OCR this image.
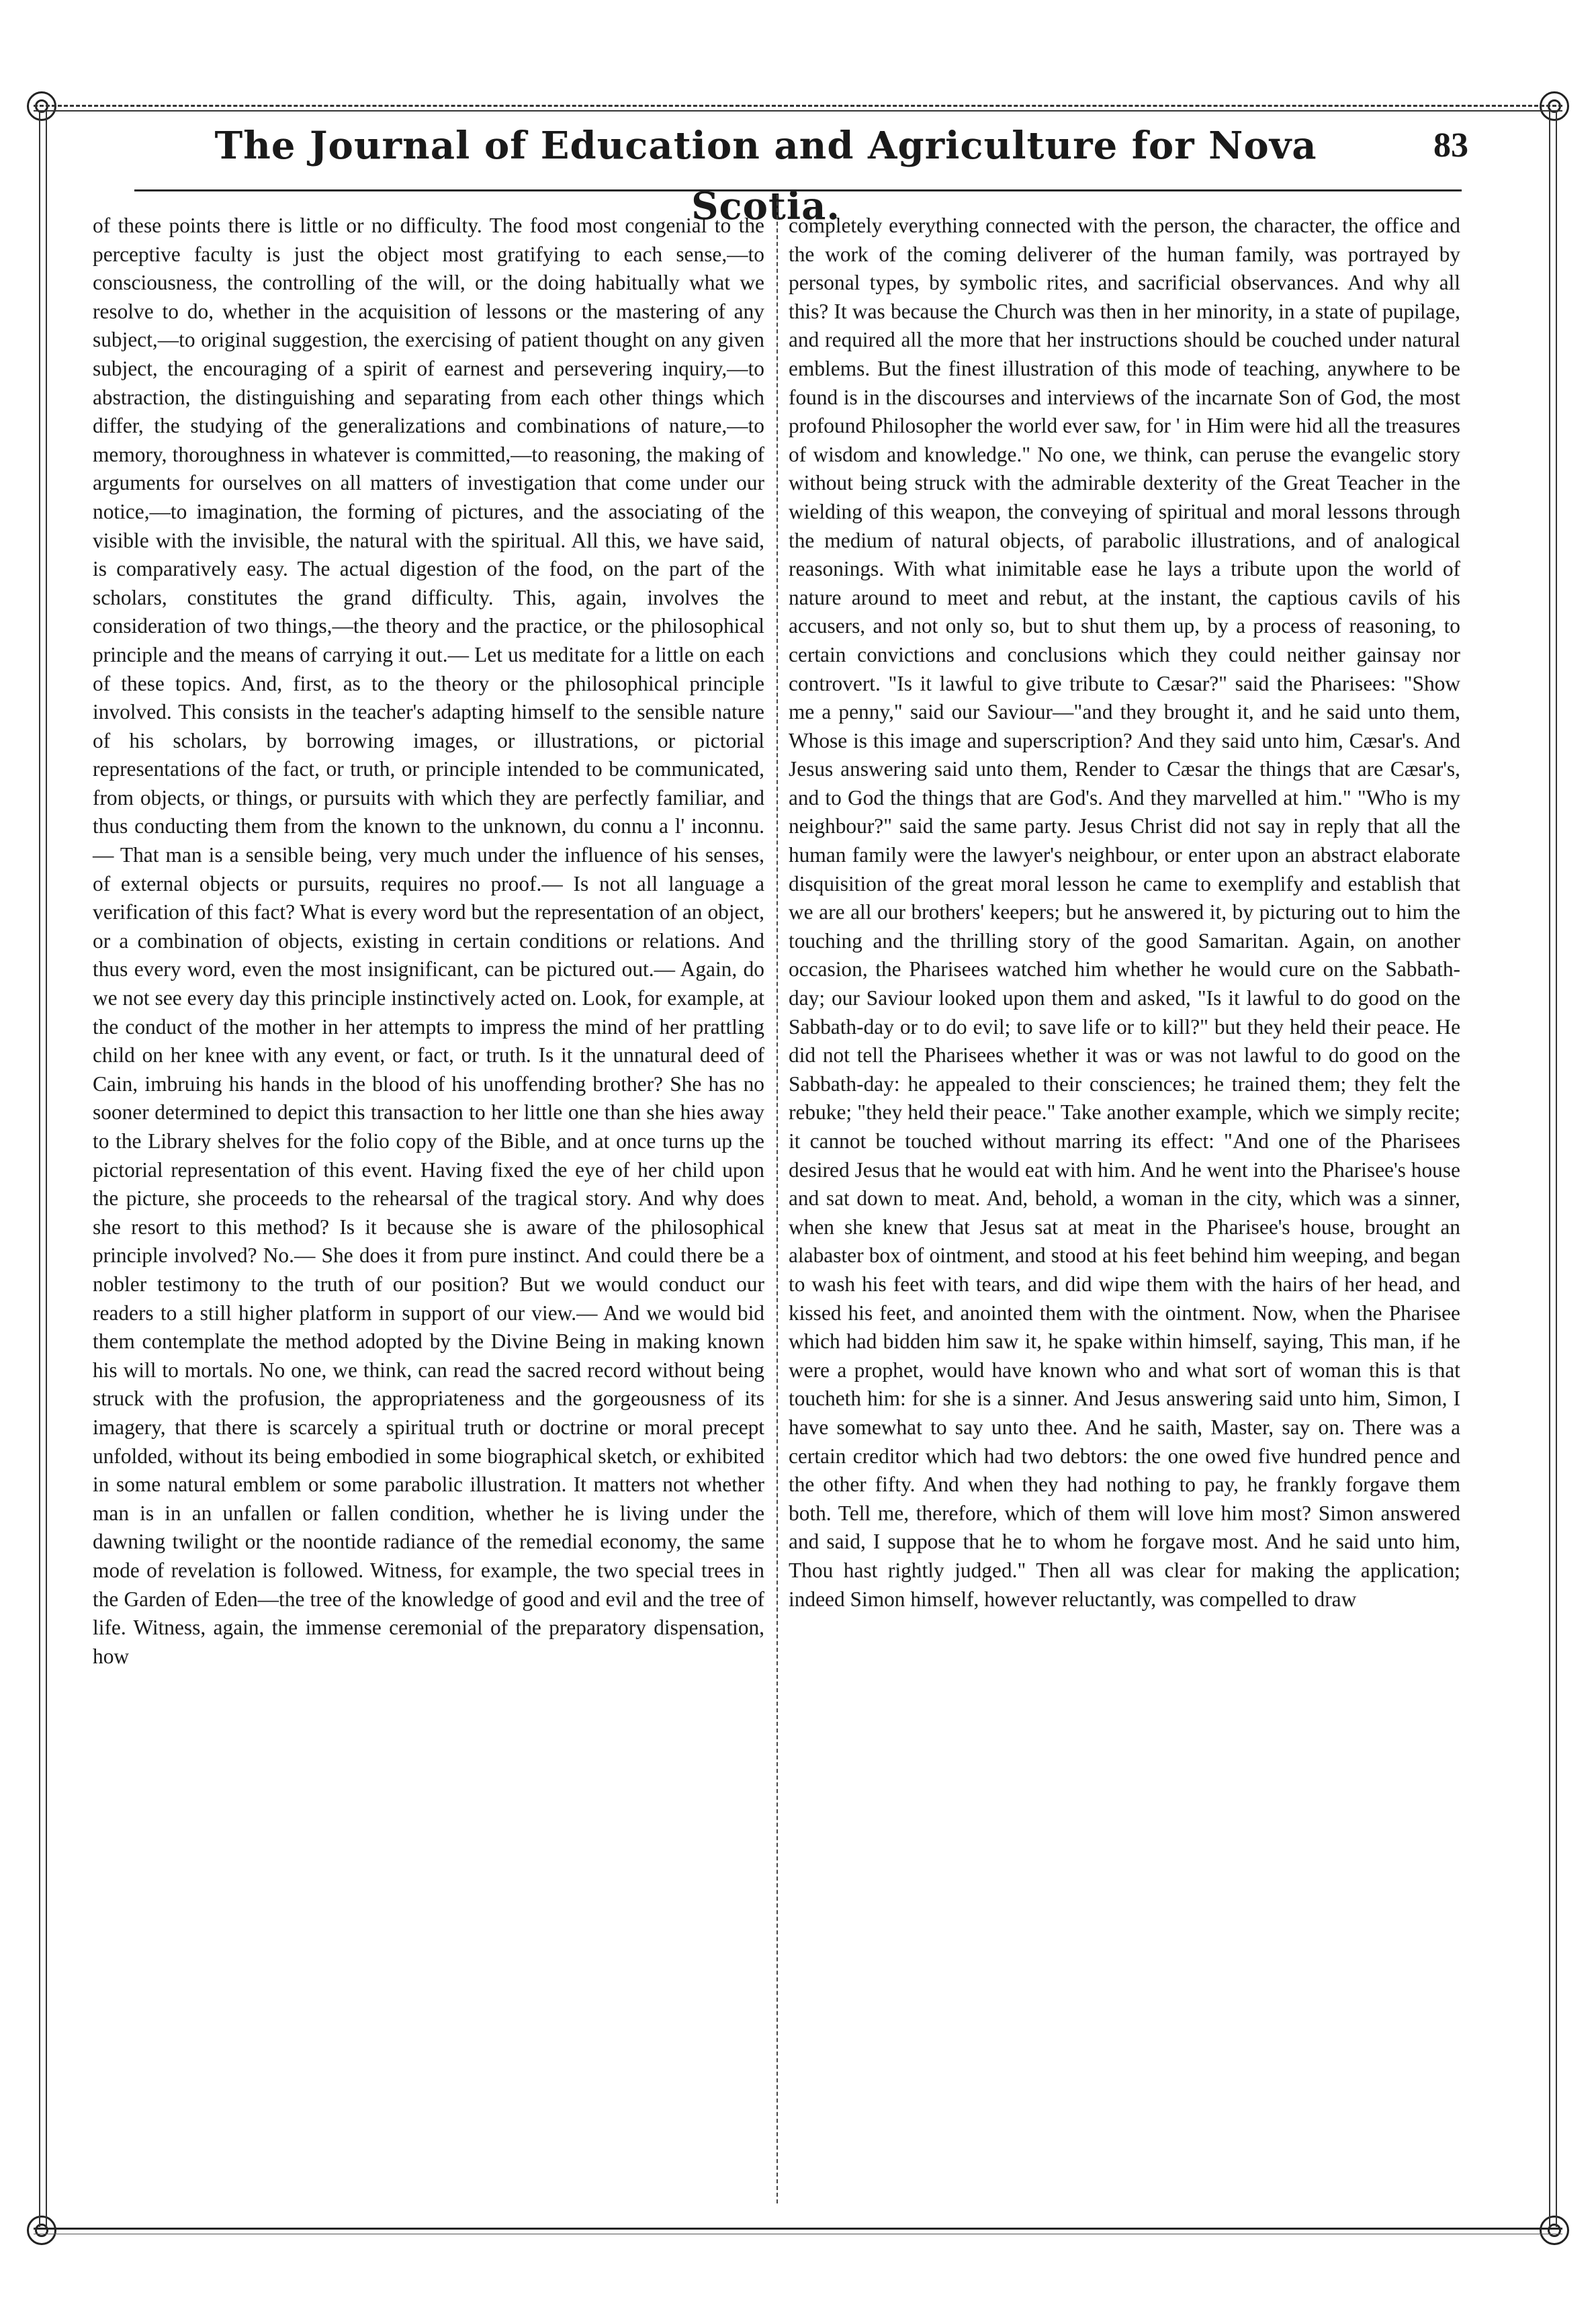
The Journal of Education and Agriculture for Nova Scotia.
83

of these points there is little or no difficulty. The food most congenial to the perceptive faculty is just the object most gratifying to each sense,—to consciousness, the controlling of the will, or the doing habitually what we resolve to do, whether in the acquisition of lessons or the mastering of any subject,—to original suggestion, the exercising of patient thought on any given subject, the encouraging of a spirit of earnest and persevering inquiry,—to abstraction, the distinguishing and separating from each other things which differ, the studying of the generalizations and combinations of nature,—to memory, thoroughness in whatever is committed,—to reasoning, the making of arguments for ourselves on all matters of investigation that come under our notice,—to imagination, the forming of pictures, and the associating of the visible with the invisible, the natural with the spiritual. All this, we have said, is comparatively easy. The actual digestion of the food, on the part of the scholars, constitutes the grand difficulty. This, again, involves the consideration of two things,—the theory and the practice, or the philosophical principle and the means of carrying it out.— Let us meditate for a little on each of these topics. And, first, as to the theory or the philosophical principle involved. This consists in the teacher's adapting himself to the sensible nature of his scholars, by borrowing images, or illustrations, or pictorial representations of the fact, or truth, or principle intended to be communicated, from objects, or things, or pursuits with which they are perfectly familiar, and thus conducting them from the known to the unknown, du connu a l' inconnu.— That man is a sensible being, very much under the influence of his senses, of external objects or pursuits, requires no proof.— Is not all language a verification of this fact? What is every word but the representation of an object, or a combination of objects, existing in certain conditions or relations. And thus every word, even the most insignificant, can be pictured out.— Again, do we not see every day this principle instinctively acted on. Look, for example, at the conduct of the mother in her attempts to impress the mind of her prattling child on her knee with any event, or fact, or truth. Is it the unnatural deed of Cain, imbruing his hands in the blood of his unoffending brother? She has no sooner determined to depict this transaction to her little one than she hies away to the Library shelves for the folio copy of the Bible, and at once turns up the pictorial representation of this event. Having fixed the eye of her child upon the picture, she proceeds to the rehearsal of the tragical story. And why does she resort to this method? Is it because she is aware of the philosophical principle involved? No.— She does it from pure instinct. And could there be a nobler testimony to the truth of our position? But we would conduct our readers to a still higher platform in support of our view.— And we would bid them contemplate the method adopted by the Divine Being in making known his will to mortals. No one, we think, can read the sacred record without being struck with the profusion, the appropriateness and the gorgeousness of its imagery, that there is scarcely a spiritual truth or doctrine or moral precept unfolded, without its being embodied in some biographical sketch, or exhibited in some natural emblem or some parabolic illustration. It matters not whether man is in an unfallen or fallen condition, whether he is living under the dawning twilight or the noontide radiance of the remedial economy, the same mode of revelation is followed. Witness, for example, the two special trees in the Garden of Eden—the tree of the knowledge of good and evil and the tree of life. Witness, again, the immense ceremonial of the preparatory dispensation, how

completely everything connected with the person, the character, the office and the work of the coming deliverer of the human family, was portrayed by personal types, by symbolic rites, and sacrificial observances. And why all this? It was because the Church was then in her minority, in a state of pupilage, and required all the more that her instructions should be couched under natural emblems. But the finest illustration of this mode of teaching, anywhere to be found is in the discourses and interviews of the incarnate Son of God, the most profound Philosopher the world ever saw, for ' in Him were hid all the treasures of wisdom and knowledge." No one, we think, can peruse the evangelic story without being struck with the admirable dexterity of the Great Teacher in the wielding of this weapon, the conveying of spiritual and moral lessons through the medium of natural objects, of parabolic illustrations, and of analogical reasonings. With what inimitable ease he lays a tribute upon the world of nature around to meet and rebut, at the instant, the captious cavils of his accusers, and not only so, but to shut them up, by a process of reasoning, to certain convictions and conclusions which they could neither gainsay nor controvert. "Is it lawful to give tribute to Cæsar?" said the Pharisees: "Show me a penny," said our Saviour—"and they brought it, and he said unto them, Whose is this image and superscription? And they said unto him, Cæsar's. And Jesus answering said unto them, Render to Cæsar the things that are Cæsar's, and to God the things that are God's. And they marvelled at him." "Who is my neighbour?" said the same party. Jesus Christ did not say in reply that all the human family were the lawyer's neighbour, or enter upon an abstract elaborate disquisition of the great moral lesson he came to exemplify and establish that we are all our brothers' keepers; but he answered it, by picturing out to him the touching and the thrilling story of the good Samaritan. Again, on another occasion, the Pharisees watched him whether he would cure on the Sabbath-day; our Saviour looked upon them and asked, "Is it lawful to do good on the Sabbath-day or to do evil; to save life or to kill?" but they held their peace. He did not tell the Pharisees whether it was or was not lawful to do good on the Sabbath-day: he appealed to their consciences; he trained them; they felt the rebuke; "they held their peace." Take another example, which we simply recite; it cannot be touched without marring its effect: "And one of the Pharisees desired Jesus that he would eat with him. And he went into the Pharisee's house and sat down to meat. And, behold, a woman in the city, which was a sinner, when she knew that Jesus sat at meat in the Pharisee's house, brought an alabaster box of ointment, and stood at his feet behind him weeping, and began to wash his feet with tears, and did wipe them with the hairs of her head, and kissed his feet, and anointed them with the ointment. Now, when the Pharisee which had bidden him saw it, he spake within himself, saying, This man, if he were a prophet, would have known who and what sort of woman this is that toucheth him: for she is a sinner. And Jesus answering said unto him, Simon, I have somewhat to say unto thee. And he saith, Master, say on. There was a certain creditor which had two debtors: the one owed five hundred pence and the other fifty. And when they had nothing to pay, he frankly forgave them both. Tell me, therefore, which of them will love him most? Simon answered and said, I suppose that he to whom he forgave most. And he said unto him, Thou hast rightly judged." Then all was clear for making the application; indeed Simon himself, however reluctantly, was compelled to draw
